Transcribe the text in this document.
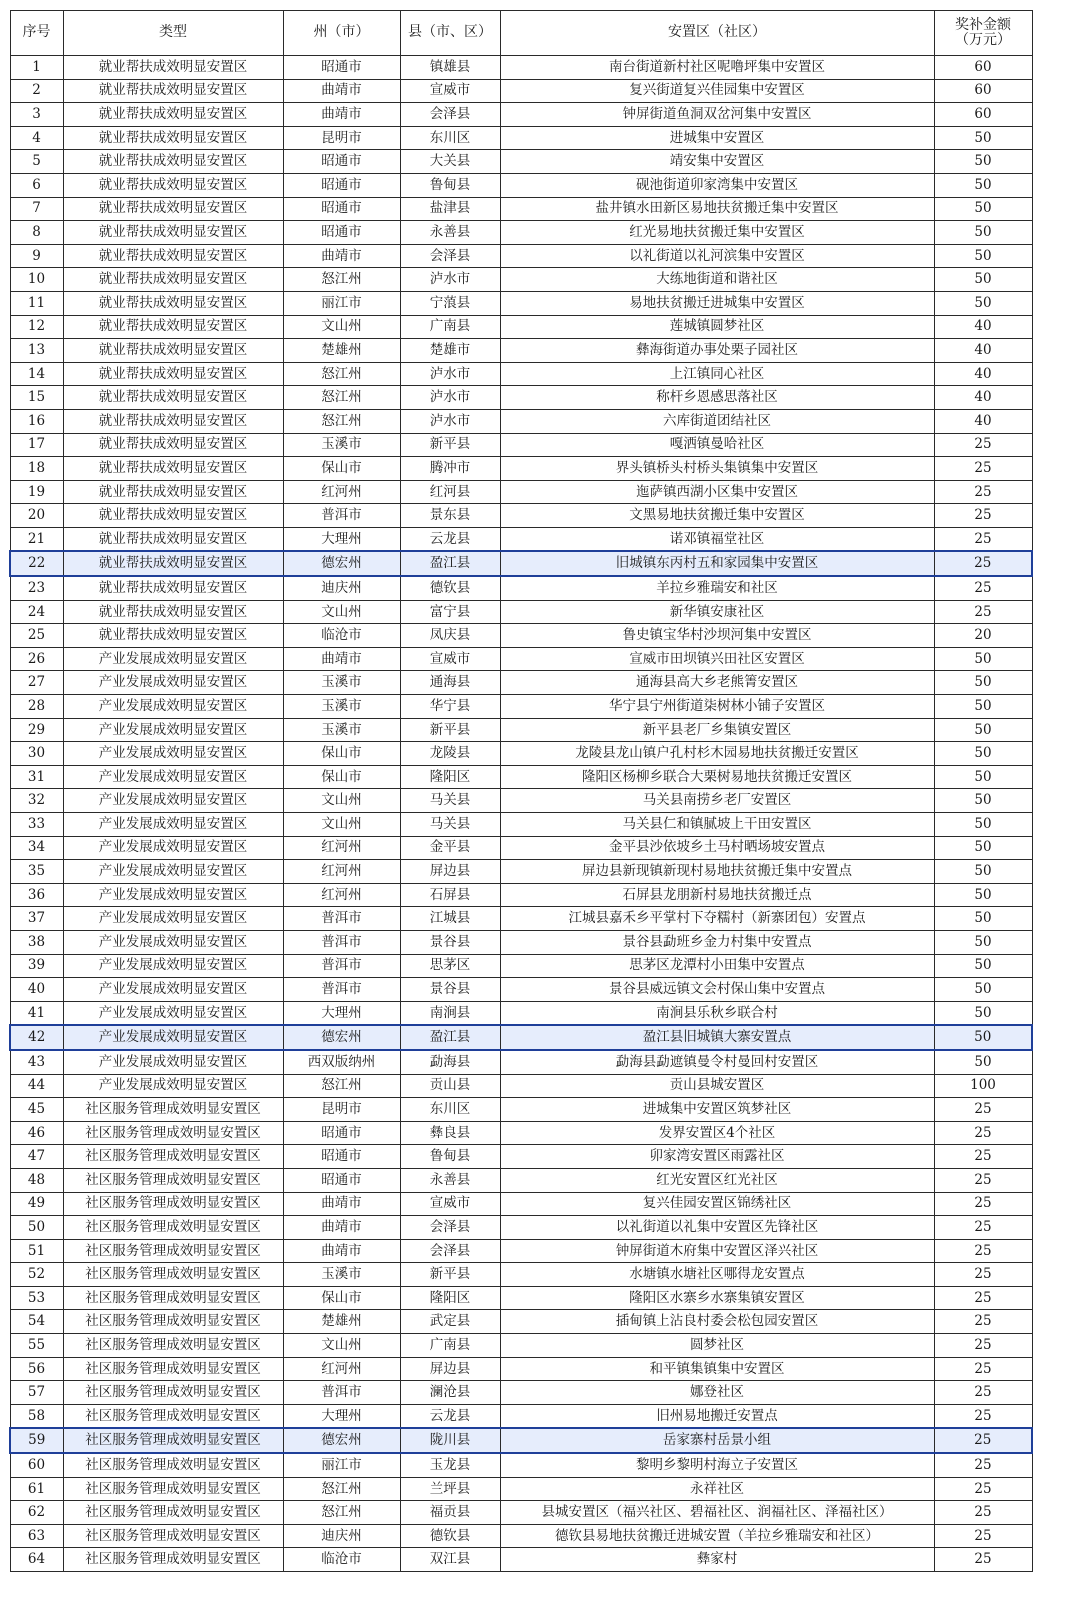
序号	类型	州（市）	县（市、区）	安置区（社区）	奖补金额
（万元）

1	就业帮扶成效明显安置区	昭通市	镇雄县	南台街道新村社区呢噜坪集中安置区	60
2	就业帮扶成效明显安置区	曲靖市	宣威市	复兴街道复兴佳园集中安置区	60
3	就业帮扶成效明显安置区	曲靖市	会泽县	钟屏街道鱼洞双岔河集中安置区	60
4	就业帮扶成效明显安置区	昆明市	东川区	进城集中安置区	50
5	就业帮扶成效明显安置区	昭通市	大关县	靖安集中安置区	50
6	就业帮扶成效明显安置区	昭通市	鲁甸县	砚池街道卯家湾集中安置区	50
7	就业帮扶成效明显安置区	昭通市	盐津县	盐井镇水田新区易地扶贫搬迁集中安置区	50
8	就业帮扶成效明显安置区	昭通市	永善县	红光易地扶贫搬迁集中安置区	50
9	就业帮扶成效明显安置区	曲靖市	会泽县	以礼街道以礼河滨集中安置区	50
10	就业帮扶成效明显安置区	怒江州	泸水市	大练地街道和谐社区	50
11	就业帮扶成效明显安置区	丽江市	宁蒗县	易地扶贫搬迁进城集中安置区	50
12	就业帮扶成效明显安置区	文山州	广南县	莲城镇圆梦社区	40
13	就业帮扶成效明显安置区	楚雄州	楚雄市	彝海街道办事处栗子园社区	40
14	就业帮扶成效明显安置区	怒江州	泸水市	上江镇同心社区	40
15	就业帮扶成效明显安置区	怒江州	泸水市	称杆乡恩感思落社区	40
16	就业帮扶成效明显安置区	怒江州	泸水市	六库街道团结社区	40
17	就业帮扶成效明显安置区	玉溪市	新平县	嘎洒镇曼哈社区	25
18	就业帮扶成效明显安置区	保山市	腾冲市	界头镇桥头村桥头集镇集中安置区	25
19	就业帮扶成效明显安置区	红河州	红河县	迤萨镇西湖小区集中安置区	25
20	就业帮扶成效明显安置区	普洱市	景东县	文黑易地扶贫搬迁集中安置区	25
21	就业帮扶成效明显安置区	大理州	云龙县	诺邓镇福堂社区	25
22	就业帮扶成效明显安置区	德宏州	盈江县	旧城镇东丙村五和家园集中安置区	25
23	就业帮扶成效明显安置区	迪庆州	德钦县	羊拉乡雅瑞安和社区	25
24	就业帮扶成效明显安置区	文山州	富宁县	新华镇安康社区	25
25	就业帮扶成效明显安置区	临沧市	凤庆县	鲁史镇宝华村沙坝河集中安置区	20
26	产业发展成效明显安置区	曲靖市	宣威市	宣威市田坝镇兴田社区安置区	50
27	产业发展成效明显安置区	玉溪市	通海县	通海县高大乡老熊箐安置区	50
28	产业发展成效明显安置区	玉溪市	华宁县	华宁县宁州街道柒树林小铺子安置区	50
29	产业发展成效明显安置区	玉溪市	新平县	新平县老厂乡集镇安置区	50
30	产业发展成效明显安置区	保山市	龙陵县	龙陵县龙山镇户孔村杉木园易地扶贫搬迁安置区	50
31	产业发展成效明显安置区	保山市	隆阳区	隆阳区杨柳乡联合大栗树易地扶贫搬迁安置区	50
32	产业发展成效明显安置区	文山州	马关县	马关县南捞乡老厂安置区	50
33	产业发展成效明显安置区	文山州	马关县	马关县仁和镇腻坡上干田安置区	50
34	产业发展成效明显安置区	红河州	金平县	金平县沙依坡乡土马村晒场坡安置点	50
35	产业发展成效明显安置区	红河州	屏边县	屏边县新现镇新现村易地扶贫搬迁集中安置点	50
36	产业发展成效明显安置区	红河州	石屏县	石屏县龙朋新村易地扶贫搬迁点	50
37	产业发展成效明显安置区	普洱市	江城县	江城县嘉禾乡平掌村下夺糯村（新寨团包）安置点	50
38	产业发展成效明显安置区	普洱市	景谷县	景谷县勐班乡金力村集中安置点	50
39	产业发展成效明显安置区	普洱市	思茅区	思茅区龙潭村小田集中安置点	50
40	产业发展成效明显安置区	普洱市	景谷县	景谷县威远镇文会村保山集中安置点	50
41	产业发展成效明显安置区	大理州	南涧县	南涧县乐秋乡联合村	50
42	产业发展成效明显安置区	德宏州	盈江县	盈江县旧城镇大寨安置点	50
43	产业发展成效明显安置区	西双版纳州	勐海县	勐海县勐遮镇曼令村曼回村安置区	50
44	产业发展成效明显安置区	怒江州	贡山县	贡山县城安置区	100
45	社区服务管理成效明显安置区	昆明市	东川区	进城集中安置区筑梦社区	25
46	社区服务管理成效明显安置区	昭通市	彝良县	发界安置区4个社区	25
47	社区服务管理成效明显安置区	昭通市	鲁甸县	卯家湾安置区雨露社区	25
48	社区服务管理成效明显安置区	昭通市	永善县	红光安置区红光社区	25
49	社区服务管理成效明显安置区	曲靖市	宣威市	复兴佳园安置区锦绣社区	25
50	社区服务管理成效明显安置区	曲靖市	会泽县	以礼街道以礼集中安置区先锋社区	25
51	社区服务管理成效明显安置区	曲靖市	会泽县	钟屏街道木府集中安置区泽兴社区	25
52	社区服务管理成效明显安置区	玉溪市	新平县	水塘镇水塘社区哪得龙安置点	25
53	社区服务管理成效明显安置区	保山市	隆阳区	隆阳区水寨乡水寨集镇安置区	25
54	社区服务管理成效明显安置区	楚雄州	武定县	插甸镇上沾良村委会松包园安置区	25
55	社区服务管理成效明显安置区	文山州	广南县	圆梦社区	25
56	社区服务管理成效明显安置区	红河州	屏边县	和平镇集镇集中安置区	25
57	社区服务管理成效明显安置区	普洱市	澜沧县	娜登社区	25
58	社区服务管理成效明显安置区	大理州	云龙县	旧州易地搬迁安置点	25
59	社区服务管理成效明显安置区	德宏州	陇川县	岳家寨村岳景小组	25
60	社区服务管理成效明显安置区	丽江市	玉龙县	黎明乡黎明村海立子安置区	25
61	社区服务管理成效明显安置区	怒江州	兰坪县	永祥社区	25
62	社区服务管理成效明显安置区	怒江州	福贡县	县城安置区（福兴社区、碧福社区、润福社区、泽福社区）	25
63	社区服务管理成效明显安置区	迪庆州	德钦县	德钦县易地扶贫搬迁进城安置（羊拉乡雅瑞安和社区）	25
64	社区服务管理成效明显安置区	临沧市	双江县	彝家村	25
